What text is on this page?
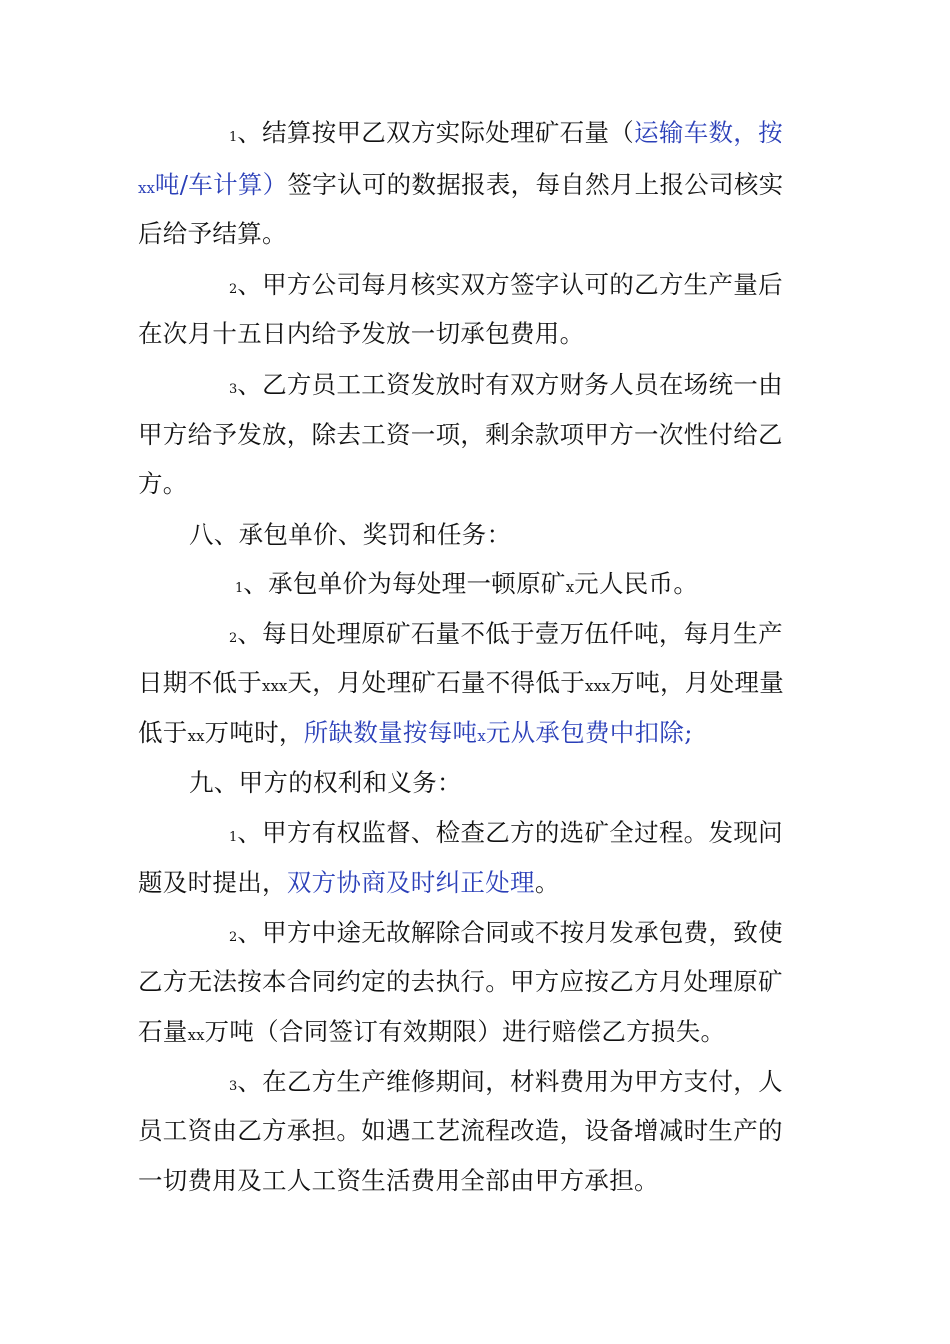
1、结算按甲乙双方实际处理矿石量（运输车数，按
xx吨/车计算）签字认可的数据报表，每自然月上报公司核实
后给予结算。
2、甲方公司每月核实双方签字认可的乙方生产量后
在次月十五日内给予发放一切承包费用。
3、乙方员工工资发放时有双方财务人员在场统一由
甲方给予发放，除去工资一项，剩余款项甲方一次性付给乙
方。
八、承包单价、奖罚和任务：
1、承包单价为每处理一顿原矿x元人民币。
2、每日处理原矿石量不低于壹万伍仟吨，每月生产
日期不低于xxx天，月处理矿石量不得低于xxx万吨，月处理量
低于xx万吨时，所缺数量按每吨x元从承包费中扣除;
九、甲方的权利和义务：
1、甲方有权监督、检查乙方的选矿全过程。发现问
题及时提出，双方协商及时纠正处理。
2、甲方中途无故解除合同或不按月发承包费，致使
乙方无法按本合同约定的去执行。甲方应按乙方月处理原矿
石量xx万吨（合同签订有效期限）进行赔偿乙方损失。
3、在乙方生产维修期间，材料费用为甲方支付，人
员工资由乙方承担。如遇工艺流程改造，设备增减时生产的
一切费用及工人工资生活费用全部由甲方承担。
